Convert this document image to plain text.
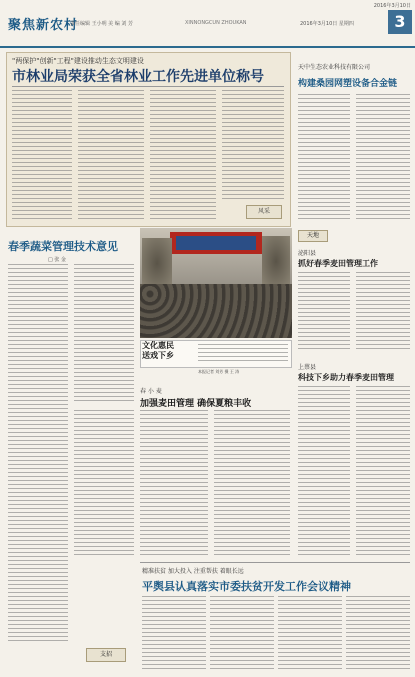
2016年3月10日
聚焦新农村
责任编辑 王小明 美 编 刘 芳	XINNONGCUN ZHOUKAN	2016年3月10日 星期四	3
"两保护"创新"工程"建设推动生态文明建设
市林业局荣获全省林业工作先进单位称号
风采
天中生态农业科技有限公司
构建桑园网塑设备合金链
春季蔬菜管理技术意见
□ 张 金
文化惠民
送戏下乡
本报记者 刘芳 摄 王 涛
春 小 麦
加强麦田管理 确保夏粮丰收
天地
泌阳县
抓好春季麦田管理工作
上蔡县
科技下乡助力春季麦田管理
精准扶贫 加大投入 注重帮扶 着眼长远
平舆县认真落实市委扶贫开发工作会议精神
支招
